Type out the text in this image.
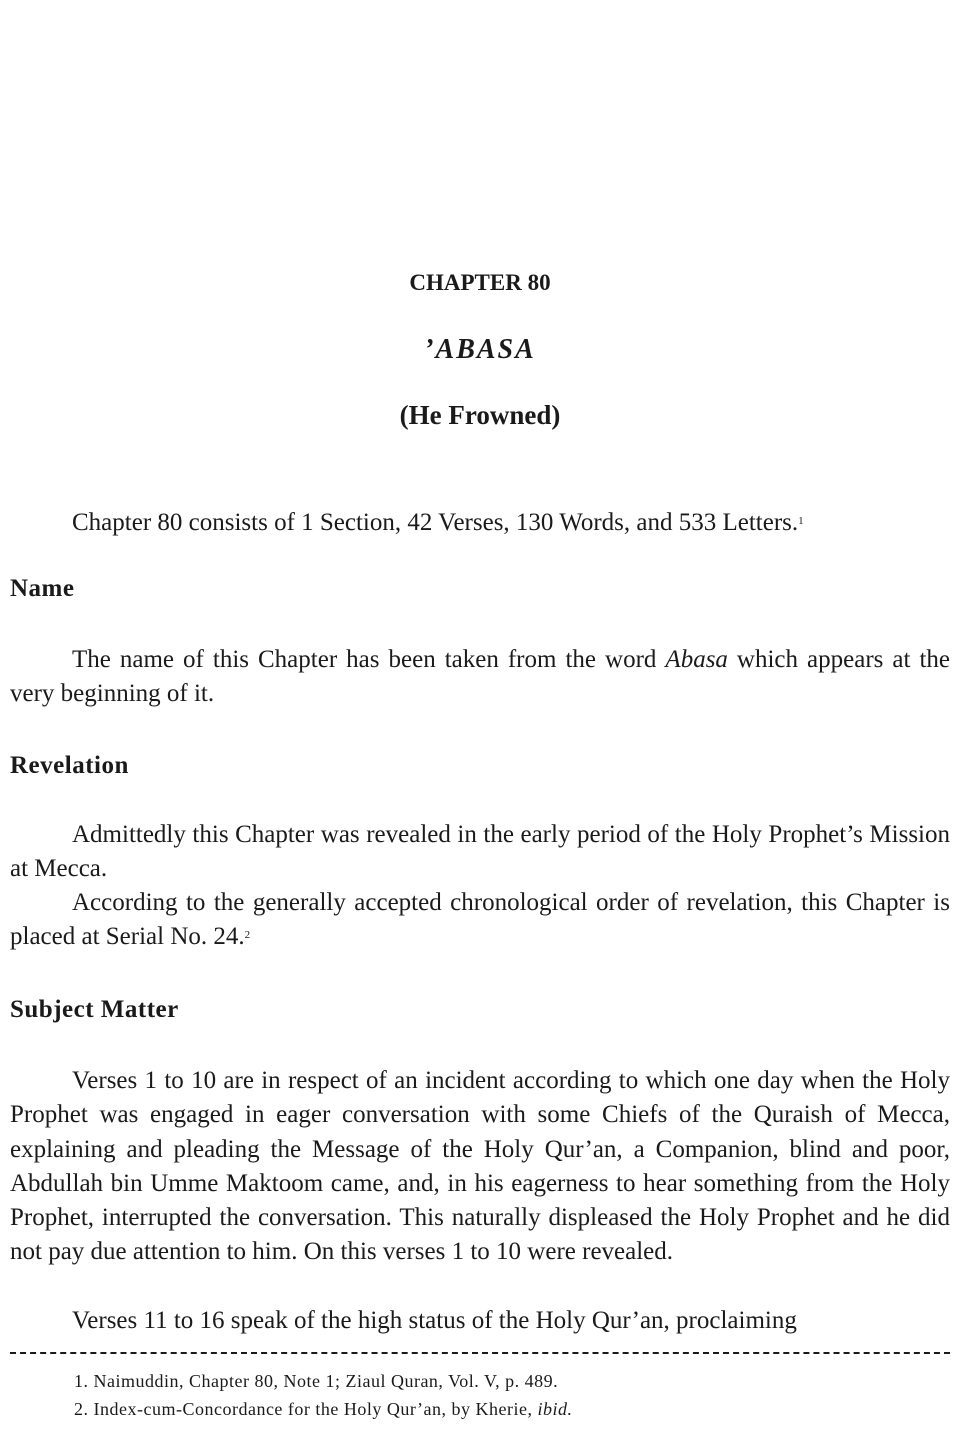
CHAPTER 80
’ABASA
(He Frowned)
Chapter 80 consists of 1 Section, 42 Verses, 130 Words, and 533 Letters.$^1$
Name
The name of this Chapter has been taken from the word Abasa which appears at the very beginning of it.
Revelation
Admittedly this Chapter was revealed in the early period of the Holy Prophet’s Mission at Mecca.
According to the generally accepted chronological order of revelation, this Chapter is placed at Serial No. 24.$^2$
Subject Matter
Verses 1 to 10 are in respect of an incident according to which one day when the Holy Prophet was engaged in eager conversation with some Chiefs of the Quraish of Mecca, explaining and pleading the Message of the Holy Qur’an, a Companion, blind and poor, Abdullah bin Umme Maktoom came, and, in his eagerness to hear something from the Holy Prophet, interrupted the conversation. This naturally displeased the Holy Prophet and he did not pay due attention to him. On this verses 1 to 10 were revealed.
Verses 11 to 16 speak of the high status of the Holy Qur’an, proclaiming
1. Naimuddin, Chapter 80, Note 1; Ziaul Quran, Vol. V, p. 489.
2. Index-cum-Concordance for the Holy Qur’an, by Kherie, ibid.
